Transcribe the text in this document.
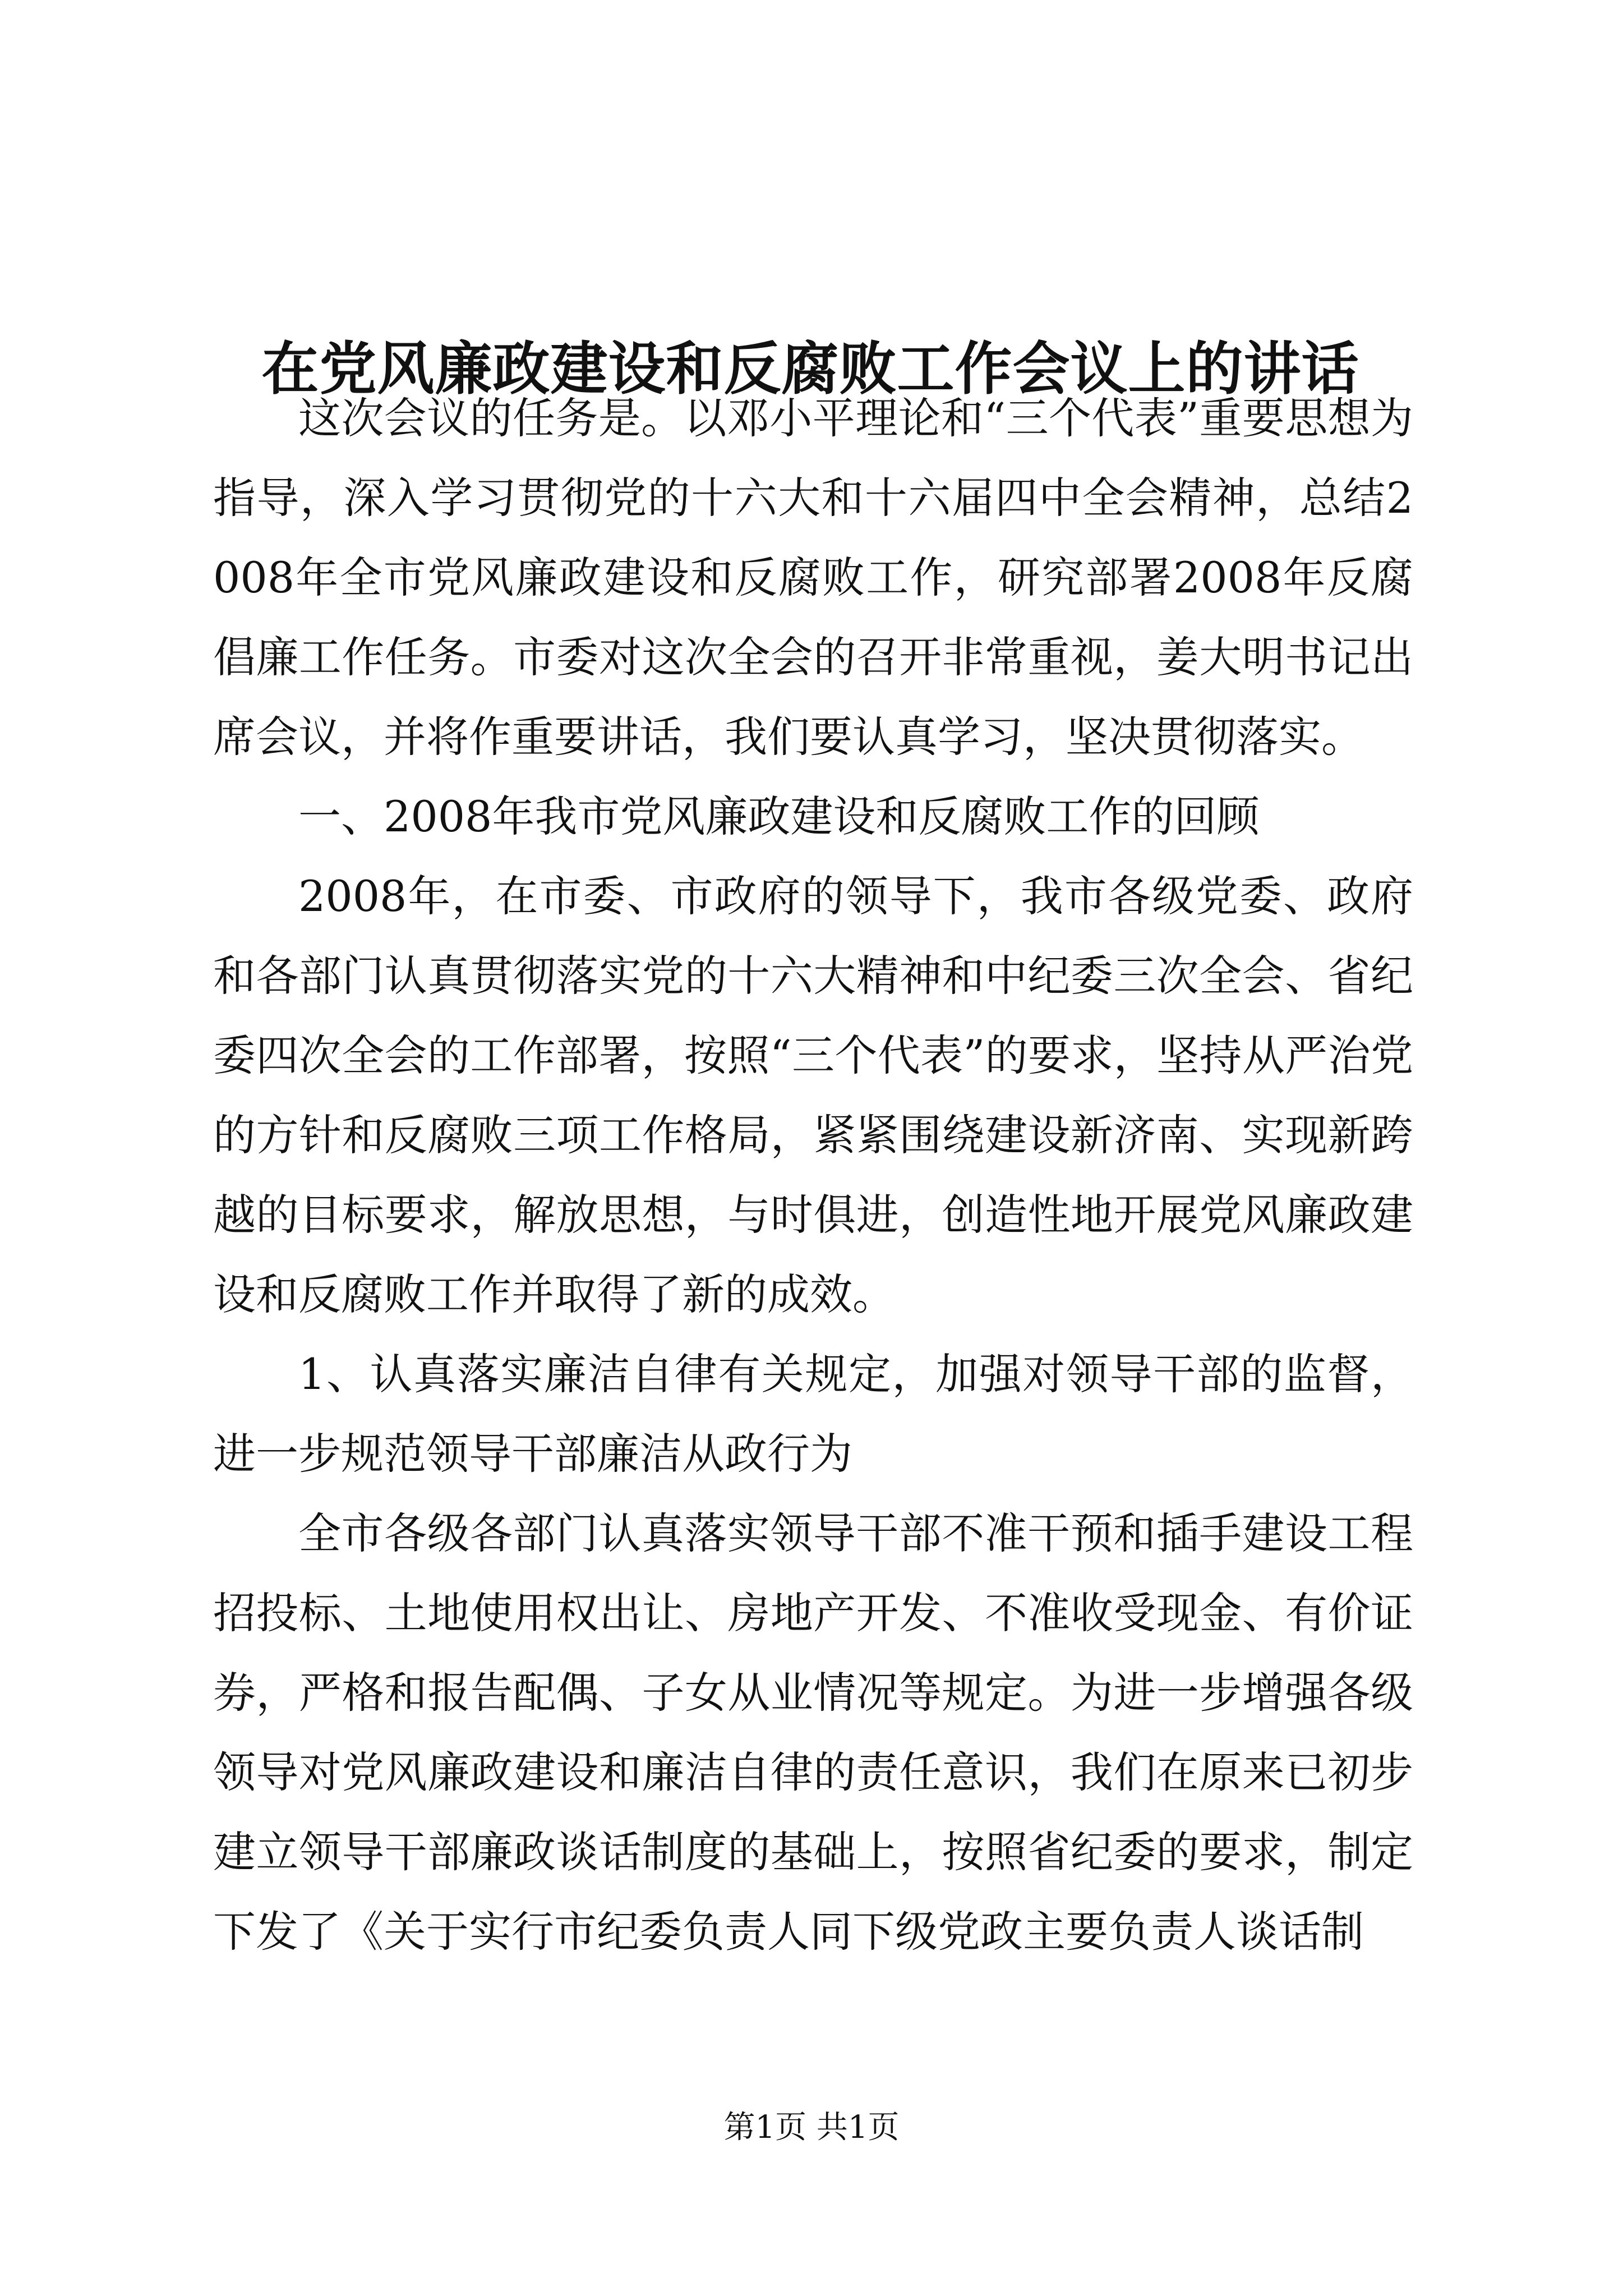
在党风廉政建设和反腐败工作会议上的讲话

这次会议的任务是。以邓小平理论和“三个代表”重要思想为指导，深入学习贯彻党的十六大和十六届四中全会精神，总结2008年全市党风廉政建设和反腐败工作，研究部署2008年反腐倡廉工作任务。市委对这次全会的召开非常重视，姜大明书记出席会议，并将作重要讲话，我们要认真学习，坚决贯彻落实。

一、2008年我市党风廉政建设和反腐败工作的回顾

2008年，在市委、市政府的领导下，我市各级党委、政府和各部门认真贯彻落实党的十六大精神和中纪委三次全会、省纪委四次全会的工作部署，按照“三个代表”的要求，坚持从严治党的方针和反腐败三项工作格局，紧紧围绕建设新济南、实现新跨越的目标要求，解放思想，与时俱进，创造性地开展党风廉政建设和反腐败工作并取得了新的成效。

1、认真落实廉洁自律有关规定，加强对领导干部的监督，进一步规范领导干部廉洁从政行为

全市各级各部门认真落实领导干部不准干预和插手建设工程招投标、土地使用权出让、房地产开发、不准收受现金、有价证券，严格和报告配偶、子女从业情况等规定。为进一步增强各级领导对党风廉政建设和廉洁自律的责任意识，我们在原来已初步建立领导干部廉政谈话制度的基础上，按照省纪委的要求，制定下发了《关于实行市纪委负责人同下级党政主要负责人谈话制

第1页 共1页
